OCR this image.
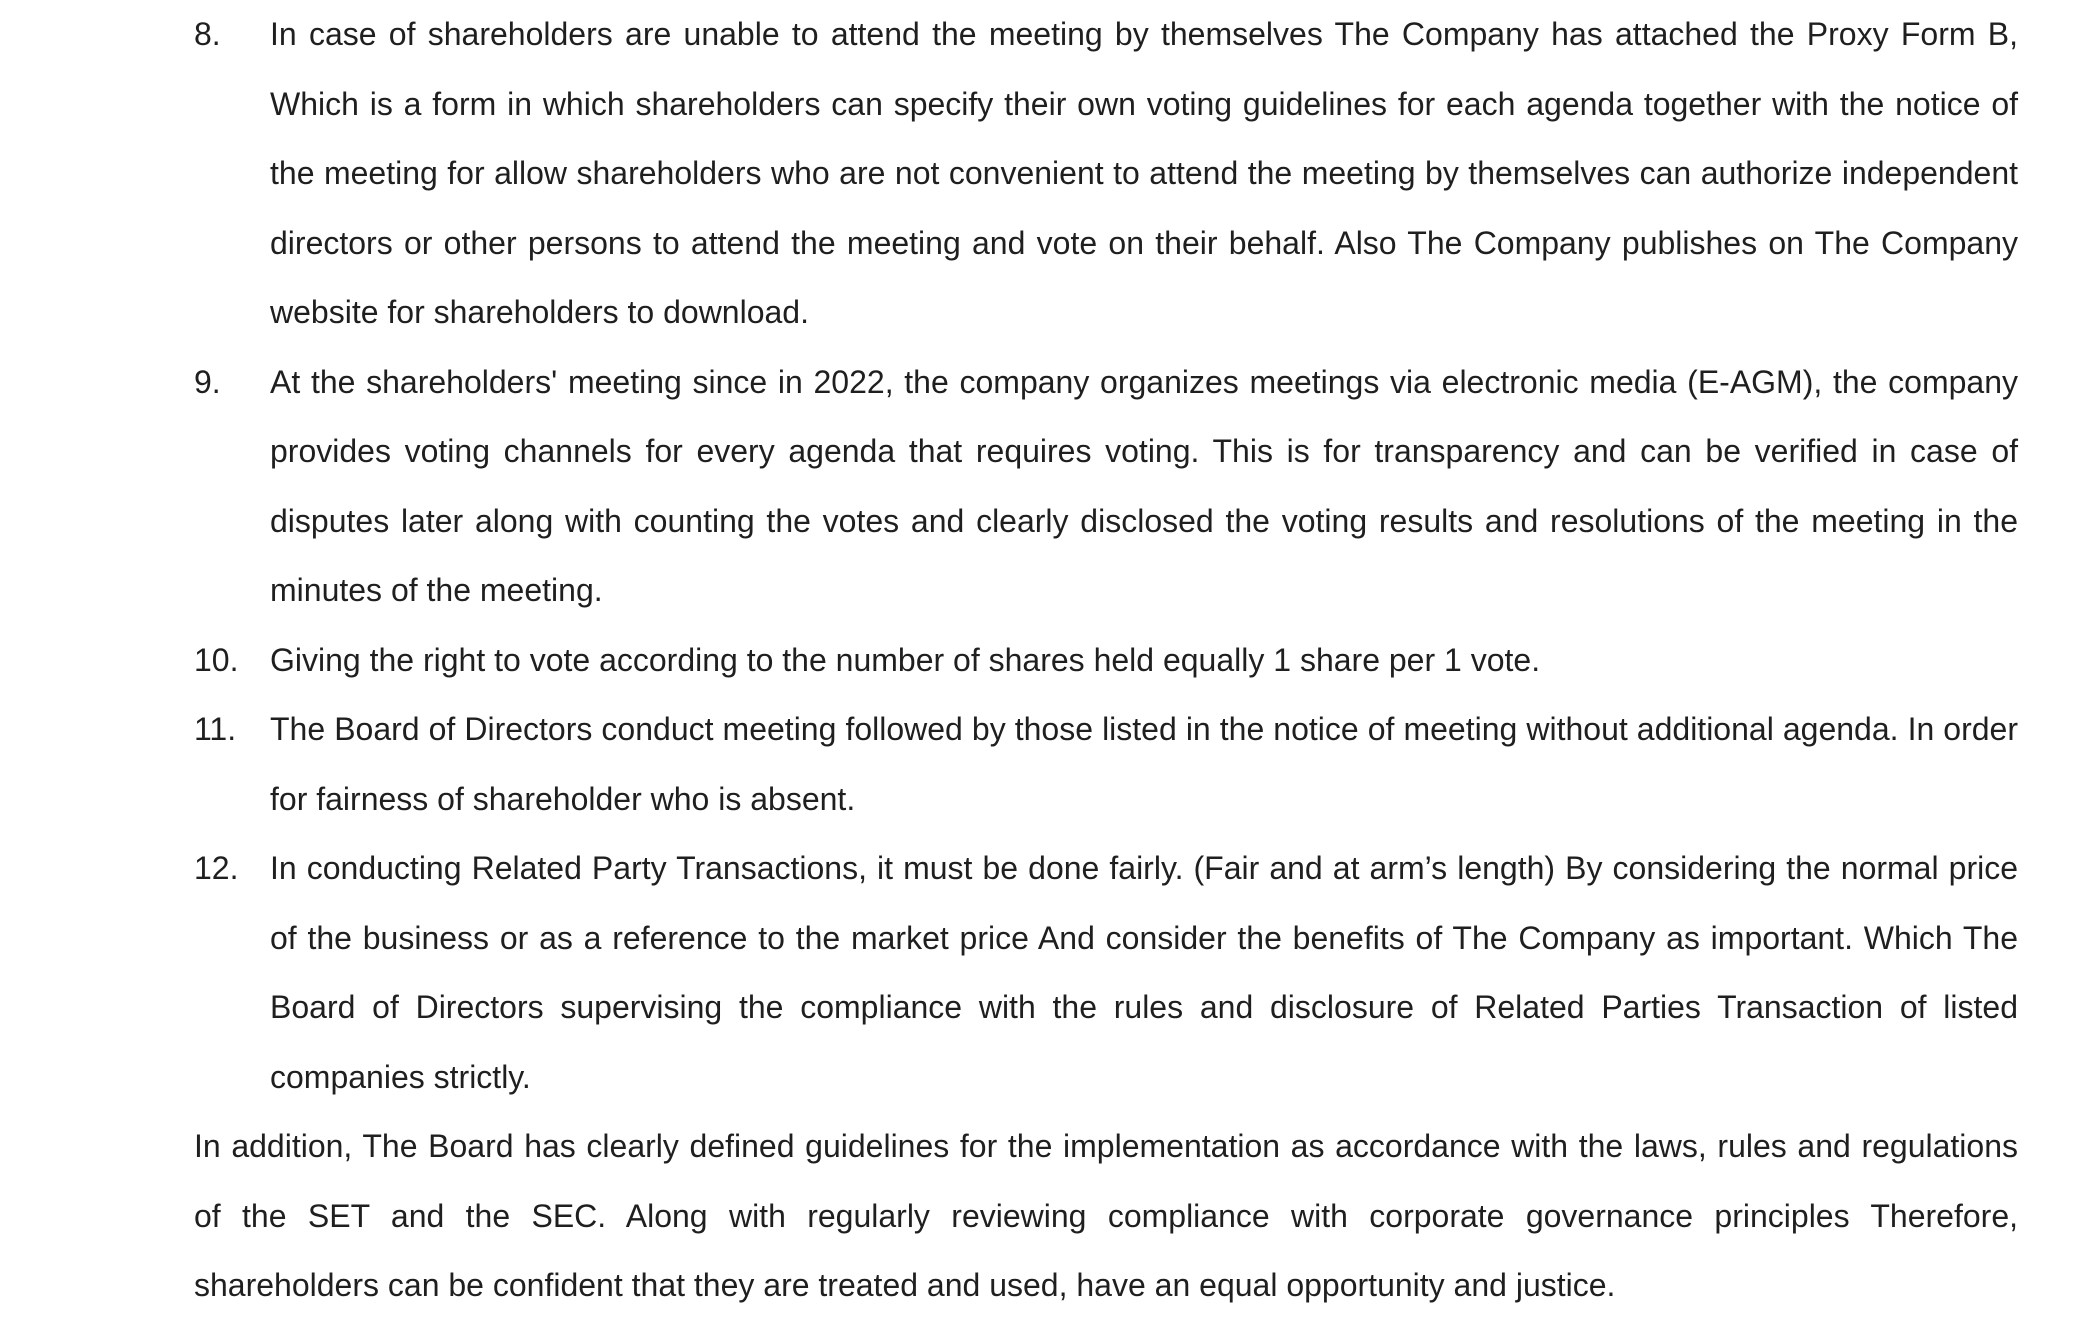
8.	In case of shareholders are unable to attend the meeting by themselves The Company has attached the Proxy Form B, Which is a form in which shareholders can specify their own voting guidelines for each agenda together with the notice of the meeting for allow shareholders who are not convenient to attend the meeting by themselves can authorize independent directors or other persons to attend the meeting and vote on their behalf. Also The Company publishes on The Company website for shareholders to download.
9.	At the shareholders' meeting since in 2022, the company organizes meetings via electronic media (E-AGM), the company provides voting channels for every agenda that requires voting. This is for transparency and can be verified in case of disputes later along with counting the votes and clearly disclosed the voting results and resolutions of the meeting in the minutes of the meeting.
10. Giving the right to vote according to the number of shares held equally 1 share per 1 vote.
11.	The Board of Directors conduct meeting followed by those listed in the notice of meeting without additional agenda. In order for fairness of shareholder who is absent.
12. In conducting Related Party Transactions, it must be done fairly. (Fair and at arm’s length) By considering the normal price of the business or as a reference to the market price And consider the benefits of The Company as important. Which The Board of Directors supervising the compliance with the rules and disclosure of Related Parties Transaction of listed companies strictly.

In addition, The Board has clearly defined guidelines for the implementation as accordance with the laws, rules and regulations of the SET and the SEC. Along with regularly reviewing compliance with corporate governance principles Therefore, shareholders can be confident that they are treated and used, have an equal opportunity and justice.
